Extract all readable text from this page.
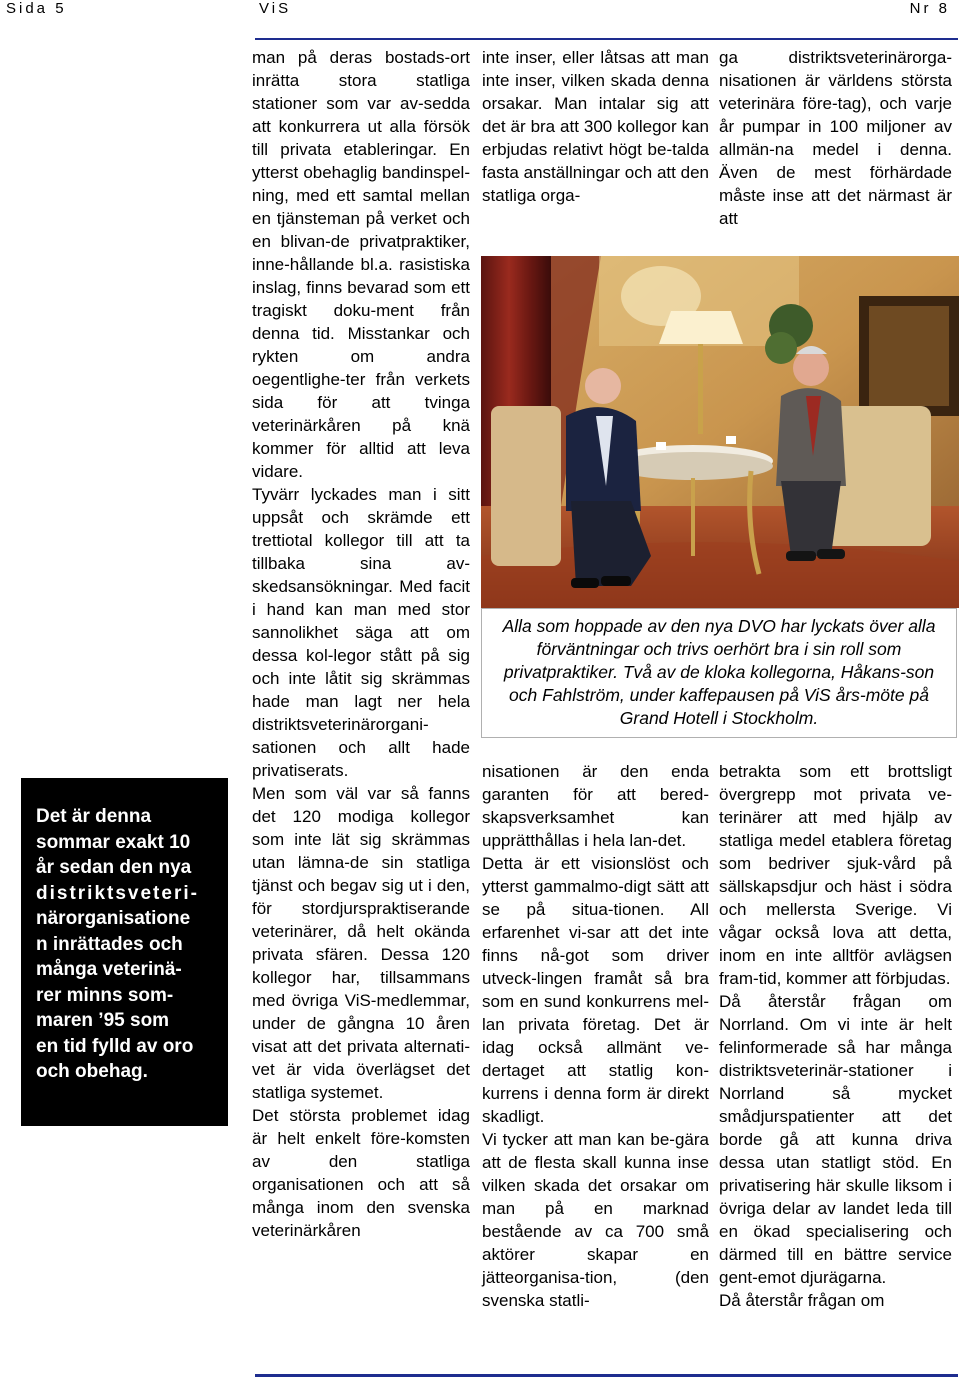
Sida 5	ViS	Nr 8

Det är denna
sommar exakt 10
år sedan den nya
distriktsveteri-
närorganisatione
n inrättades och
många veterinä-
rer minns som-
maren ’95 som
en tid fylld av oro
och obehag.

man på deras bostads-ort inrätta stora statliga stationer som var av-sedda att konkurrera ut alla försök till privata etableringar. En ytterst obehaglig bandinspel-ning, med ett samtal mellan en tjänsteman på verket och en blivan-de privatpraktiker, inne-hållande bl.a. rasistiska inslag, finns bevarad som ett tragiskt doku-ment från denna tid. Misstankar och rykten om andra oegentlighe-ter från verkets sida för att tvinga veterinärkåren på knä kommer för alltid att leva vidare.

Tyvärr lyckades man i sitt uppsåt och skrämde ett trettiotal kollegor till att ta tillbaka sina av-skedsansökningar. Med facit i hand kan man med stor sannolikhet säga att om dessa kol-legor stått på sig och inte låtit sig skrämmas hade man lagt ner hela distriktsveterinärorgani-sationen och allt hade privatiserats.

Men som väl var så fanns det 120 modiga kollegor som inte lät sig skrämmas utan lämna-de sin statliga tjänst och begav sig ut i den, för stordjurspraktiserande veterinärer, då helt okända privata sfären. Dessa 120 kollegor har, tillsammans med övriga ViS-medlemmar, under de gångna 10 åren visat att det privata alternati-vet är vida överlägset det statliga systemet.

Det största problemet idag är helt enkelt före-komsten av den statliga organisationen och att så många inom den svenska veterinärkåren

inte inser, eller låtsas att man inte inser, vilken skada denna orsakar. Man intalar sig att det är bra att 300 kollegor kan erbjudas relativt högt be-talda fasta anställningar och att den statliga orga-

ga distriktsveterinärorga-nisationen är världens största veterinära före-tag), och varje år pumpar in 100 miljoner av allmän-na medel i denna. Även de mest förhärdade måste inse att det närmast är att

Alla som hoppade av den nya DVO har lyckats över alla förväntningar och trivs oerhört bra i sin roll som privatpraktiker. Två av de kloka kollegorna, Håkans-son och Fahlström, under kaffepausen på ViS års-möte på Grand Hotell i Stockholm.

nisationen är den enda garanten för att bered-skapsverksamhet kan upprätthållas i hela lan-det.

Detta är ett visionslöst och ytterst gammalmo-digt sätt att se på situa-tionen. All erfarenhet vi-sar att det inte finns nå-got som driver utveck-lingen framåt så bra som en sund konkurrens mel-lan privata företag. Det är idag också allmänt ve-dertaget att statlig kon-kurrens i denna form är direkt skadligt.

Vi tycker att man kan be-gära att de flesta skall kunna inse vilken skada det orsakar om man på en marknad bestående av ca 700 små aktörer skapar en jätteorganisa-tion, (den svenska statli-

betrakta som ett brottsligt övergrepp mot privata ve-terinärer att med hjälp av statliga medel etablera företag som bedriver sjuk-vård på sällskapsdjur och häst i södra och mellersta Sverige. Vi vågar också lova att detta, inom en inte alltför avlägsen fram-tid, kommer att förbjudas.

Då återstår frågan om Norrland. Om vi inte är helt felinformerade så har många distriktsveterinär-stationer i Norrland så mycket smådjurspatienter att det borde gå att kunna driva dessa utan statligt stöd. En privatisering här skulle liksom i övriga delar av landet leda till en ökad specialisering och därmed till en bättre service gent-emot djurägarna.

Då återstår frågan om
